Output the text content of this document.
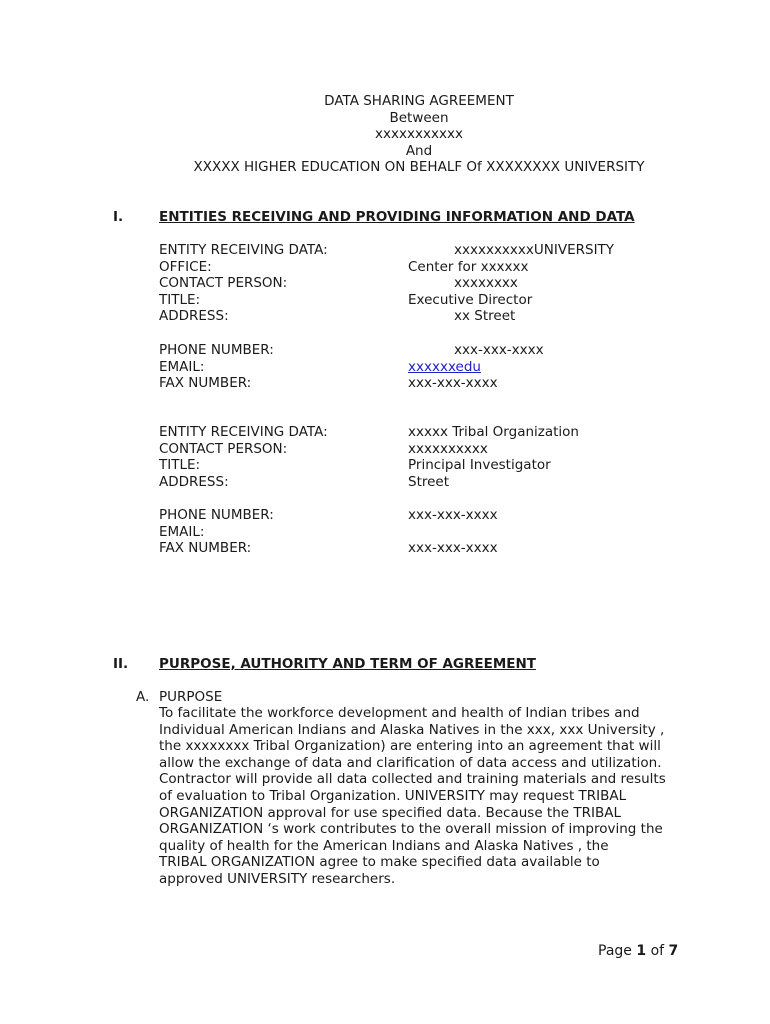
DATA SHARING AGREEMENT
Between
xxxxxxxxxxx
And
XXXXX HIGHER EDUCATION ON BEHALF Of XXXXXXXX UNIVERSITY
I.	ENTITIES RECEIVING AND PROVIDING INFORMATION AND DATA
ENTITY RECEIVING DATA:	xxxxxxxxxxUNIVERSITY
OFFICE:	Center for xxxxxx
CONTACT PERSON:	xxxxxxxx
TITLE:	Executive Director
ADDRESS:	xx Street
PHONE NUMBER:	xxx-xxx-xxxx
EMAIL:	xxxxxxedu
FAX NUMBER:	xxx-xxx-xxxx
ENTITY RECEIVING DATA:	xxxxx Tribal Organization
CONTACT PERSON:	xxxxxxxxxx
TITLE:	Principal Investigator
ADDRESS:	Street
PHONE NUMBER:	xxx-xxx-xxxx
EMAIL:
FAX NUMBER:	xxx-xxx-xxxx
II. PURPOSE, AUTHORITY AND TERM OF AGREEMENT
A. PURPOSE
To facilitate the workforce development and health of Indian tribes and
Individual American Indians and Alaska Natives in the xxx, xxx University ,
the xxxxxxxx Tribal Organization) are entering into an agreement that will
allow the exchange of data and clarification of data access and utilization.
Contractor will provide all data collected and training materials and results
of evaluation to Tribal Organization. UNIVERSITY may request TRIBAL
ORGANIZATION approval for use specified data. Because the TRIBAL
ORGANIZATION ‘s work contributes to the overall mission of improving the
quality of health for the American Indians and Alaska Natives , the
TRIBAL ORGANIZATION agree to make specified data available to
approved UNIVERSITY researchers.
Page 1 of 7
